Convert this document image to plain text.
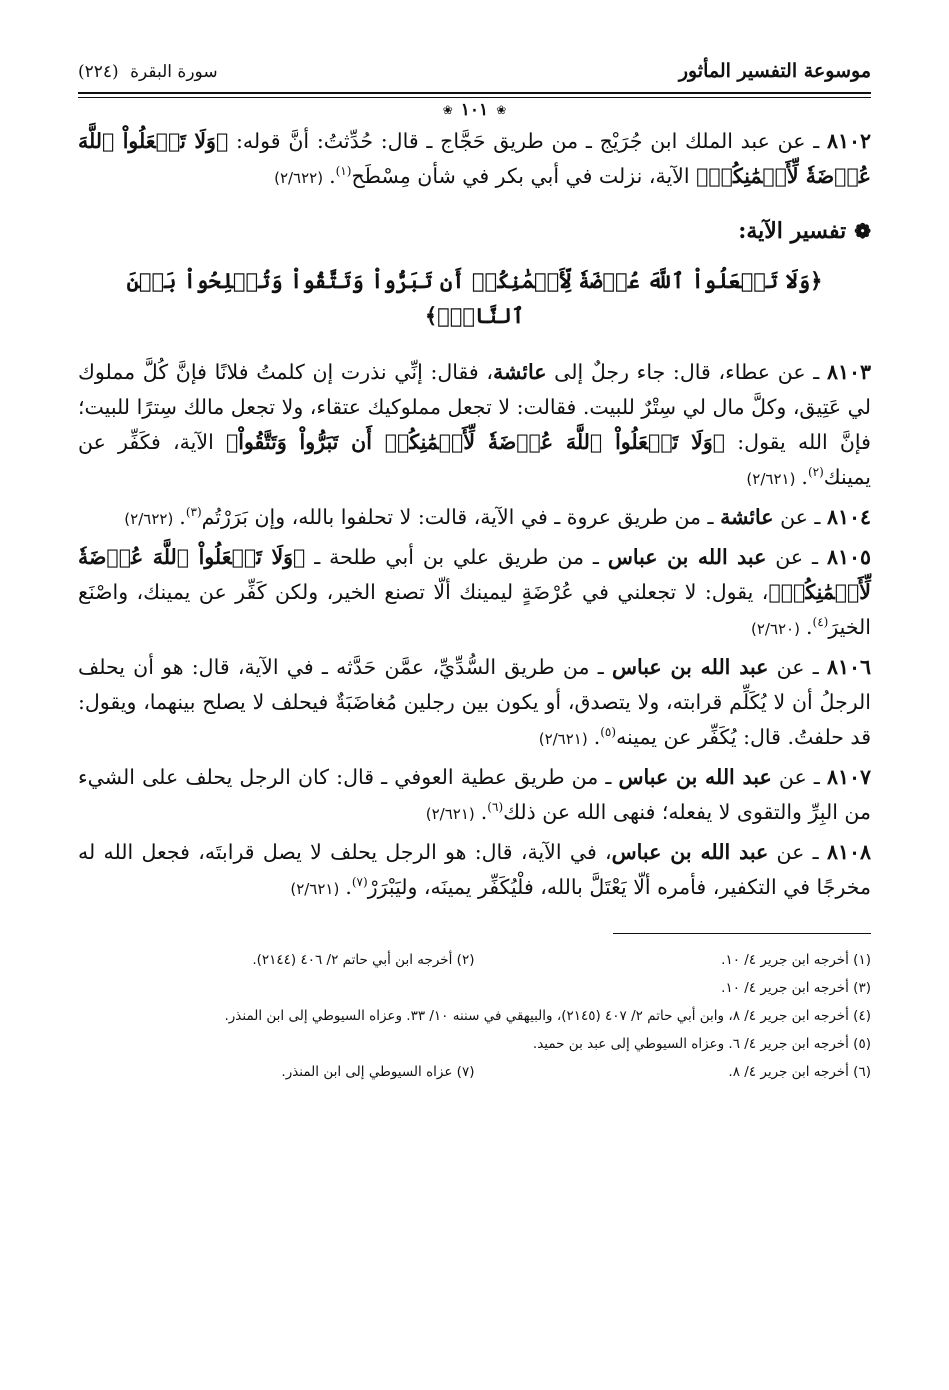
موسوعة التفسير المأثور
سورة البقرة (٢٢٤)
❀
١٠١
❀

٨١٠٢ ـ عن عبد الملك ابن جُرَيْج ـ من طريق حَجَّاج ـ قال: حُدِّثتُ: أنَّ قوله: ﴿وَلَا تَجۡعَلُواْ ٱللَّهَ عُرۡضَةٗ لِّأَيۡمَٰنِكُمۡ﴾ الآية، نزلت في أبي بكر في شأن مِسْطَح$^{(١)}$.(٢/٦٢٢)

❁تفسير الآية:
﴿وَلَا تَجۡعَلُواْ ٱللَّهَ عُرۡضَةٗ لِّأَيۡمَٰنِكُمۡ أَن تَبَرُّواْ وَتَتَّقُواْ وَتُصۡلِحُواْ بَيۡنَ ٱلنَّاسِۚ﴾

٨١٠٣ ـ عن عطاء، قال: جاء رجلٌ إلى عائشة، فقال: إنِّي نذرت إن كلمتُ فلانًا فإنَّ كُلَّ مملوك لي عَتِيق، وكلَّ مال لي سِتْرٌ للبيت. فقالت: لا تجعل مملوكيك عتقاء، ولا تجعل مالك سِترًا للبيت؛ فإنَّ الله يقول: ﴿وَلَا تَجۡعَلُواْ ٱللَّهَ عُرۡضَةٗ لِّأَيۡمَٰنِكُمۡ أَن تَبَرُّواْ وَتَتَّقُواْ﴾ الآية، فكَفِّر عن يمينك$^{(٢)}$.(٢/٦٢١)

٨١٠٤ ـ عن عائشة ـ من طريق عروة ـ في الآية، قالت: لا تحلفوا بالله، وإن بَرَرْتُم$^{(٣)}$.(٢/٦٢٢)

٨١٠٥ ـ عن عبد الله بن عباس ـ من طريق علي بن أبي طلحة ـ ﴿وَلَا تَجۡعَلُواْ ٱللَّهَ عُرۡضَةٗ لِّأَيۡمَٰنِكُمۡ﴾، يقول: لا تجعلني في عُرْضَةٍ ليمينك ألّا تصنع الخير، ولكن كَفِّر عن يمينك، واصْنَع الخيرَ$^{(٤)}$.(٢/٦٢٠)

٨١٠٦ ـ عن عبد الله بن عباس ـ من طريق السُّدِّيِّ، عمَّن حَدَّثه ـ في الآية، قال: هو أن يحلف الرجلُ أن لا يُكَلِّم قرابته، ولا يتصدق، أو يكون بين رجلين مُغاضَبَةٌ فيحلف لا يصلح بينهما، ويقول: قد حلفتُ. قال: يُكَفِّر عن يمينه$^{(٥)}$.(٢/٦٢١)

٨١٠٧ ـ عن عبد الله بن عباس ـ من طريق عطية العوفي ـ قال: كان الرجل يحلف على الشيء من البِرِّ والتقوى لا يفعله؛ فنهى الله عن ذلك$^{(٦)}$.(٢/٦٢١)

٨١٠٨ ـ عن عبد الله بن عباس، في الآية، قال: هو الرجل يحلف لا يصل قرابتَه، فجعل الله له مخرجًا في التكفير، فأمره ألّا يَعْتَلَّ بالله، فلْيُكَفِّر يمينَه، وليَبْرَرْ$^{(٧)}$.(٢/٦٢١)

(١) أخرجه ابن جرير ٤/ ١٠.
(٢) أخرجه ابن أبي حاتم ٢/ ٤٠٦ (٢١٤٤).
(٣) أخرجه ابن جرير ٤/ ١٠.
(٤) أخرجه ابن جرير ٤/ ٨، وابن أبي حاتم ٢/ ٤٠٧ (٢١٤٥)، والبيهقي في سننه ١٠/ ٣٣. وعزاه السيوطي إلى ابن المنذر.
(٥) أخرجه ابن جرير ٤/ ٦. وعزاه السيوطي إلى عبد بن حميد.
(٦) أخرجه ابن جرير ٤/ ٨.
(٧) عزاه السيوطي إلى ابن المنذر.
